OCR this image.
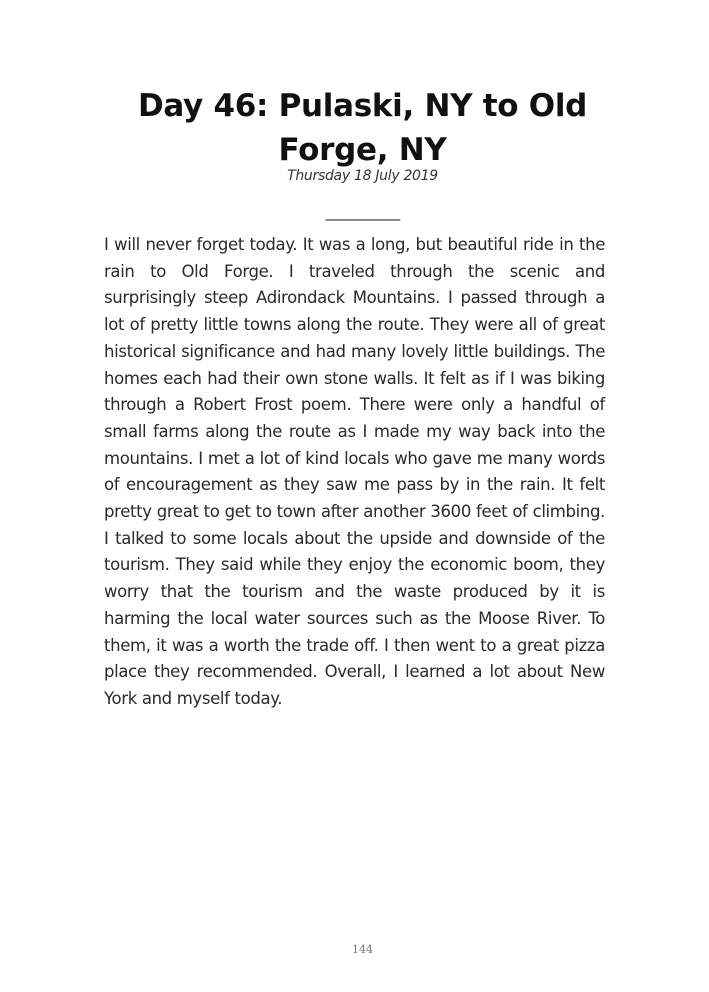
Day 46: Pulaski, NY to Old Forge, NY
Thursday 18 July 2019
___________

I will never forget today. It was a long, but beautiful ride in the rain to Old Forge. I traveled through the scenic and surprisingly steep Adirondack Mountains. I passed through a lot of pretty little towns along the route. They were all of great historical significance and had many lovely little buildings. The homes each had their own stone walls. It felt as if I was biking through a Robert Frost poem. There were only a handful of small farms along the route as I made my way back into the mountains. I met a lot of kind locals who gave me many words of encouragement as they saw me pass by in the rain. It felt pretty great to get to town after another 3600 feet of climbing. I talked to some locals about the upside and downside of the tourism. They said while they enjoy the economic boom, they worry that the tourism and the waste produced by it is harming the local water sources such as the Moose River. To them, it was a worth the trade off. I then went to a great pizza place they recommended. Overall, I learned a lot about New York and myself today.

144
